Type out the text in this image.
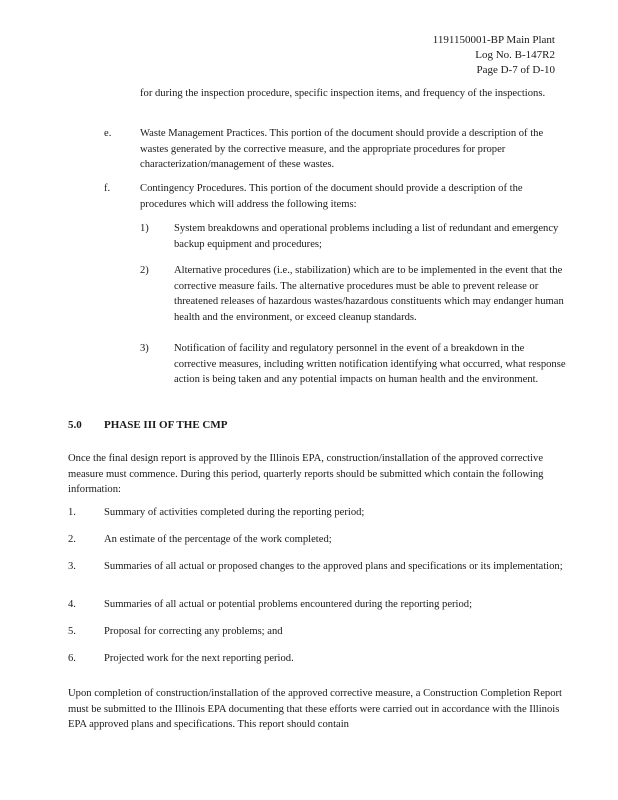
1191150001-BP Main Plant
Log No. B-147R2
Page D-7 of D-10
for during the inspection procedure, specific inspection items, and frequency of the inspections.
e.	Waste Management Practices. This portion of the document should provide a description of the wastes generated by the corrective measure, and the appropriate procedures for proper characterization/management of these wastes.
f.	Contingency Procedures. This portion of the document should provide a description of the procedures which will address the following items:
1) System breakdowns and operational problems including a list of redundant and emergency backup equipment and procedures;
2) Alternative procedures (i.e., stabilization) which are to be implemented in the event that the corrective measure fails. The alternative procedures must be able to prevent release or threatened releases of hazardous wastes/hazardous constituents which may endanger human health and the environment, or exceed cleanup standards.
3) Notification of facility and regulatory personnel in the event of a breakdown in the corrective measures, including written notification identifying what occurred, what response action is being taken and any potential impacts on human health and the environment.
5.0 PHASE III OF THE CMP
Once the final design report is approved by the Illinois EPA, construction/installation of the approved corrective measure must commence. During this period, quarterly reports should be submitted which contain the following information:
1.	Summary of activities completed during the reporting period;
2.	An estimate of the percentage of the work completed;
3.	Summaries of all actual or proposed changes to the approved plans and specifications or its implementation;
4.	Summaries of all actual or potential problems encountered during the reporting period;
5.	Proposal for correcting any problems; and
6.	Projected work for the next reporting period.
Upon completion of construction/installation of the approved corrective measure, a Construction Completion Report must be submitted to the Illinois EPA documenting that these efforts were carried out in accordance with the Illinois EPA approved plans and specifications. This report should contain
